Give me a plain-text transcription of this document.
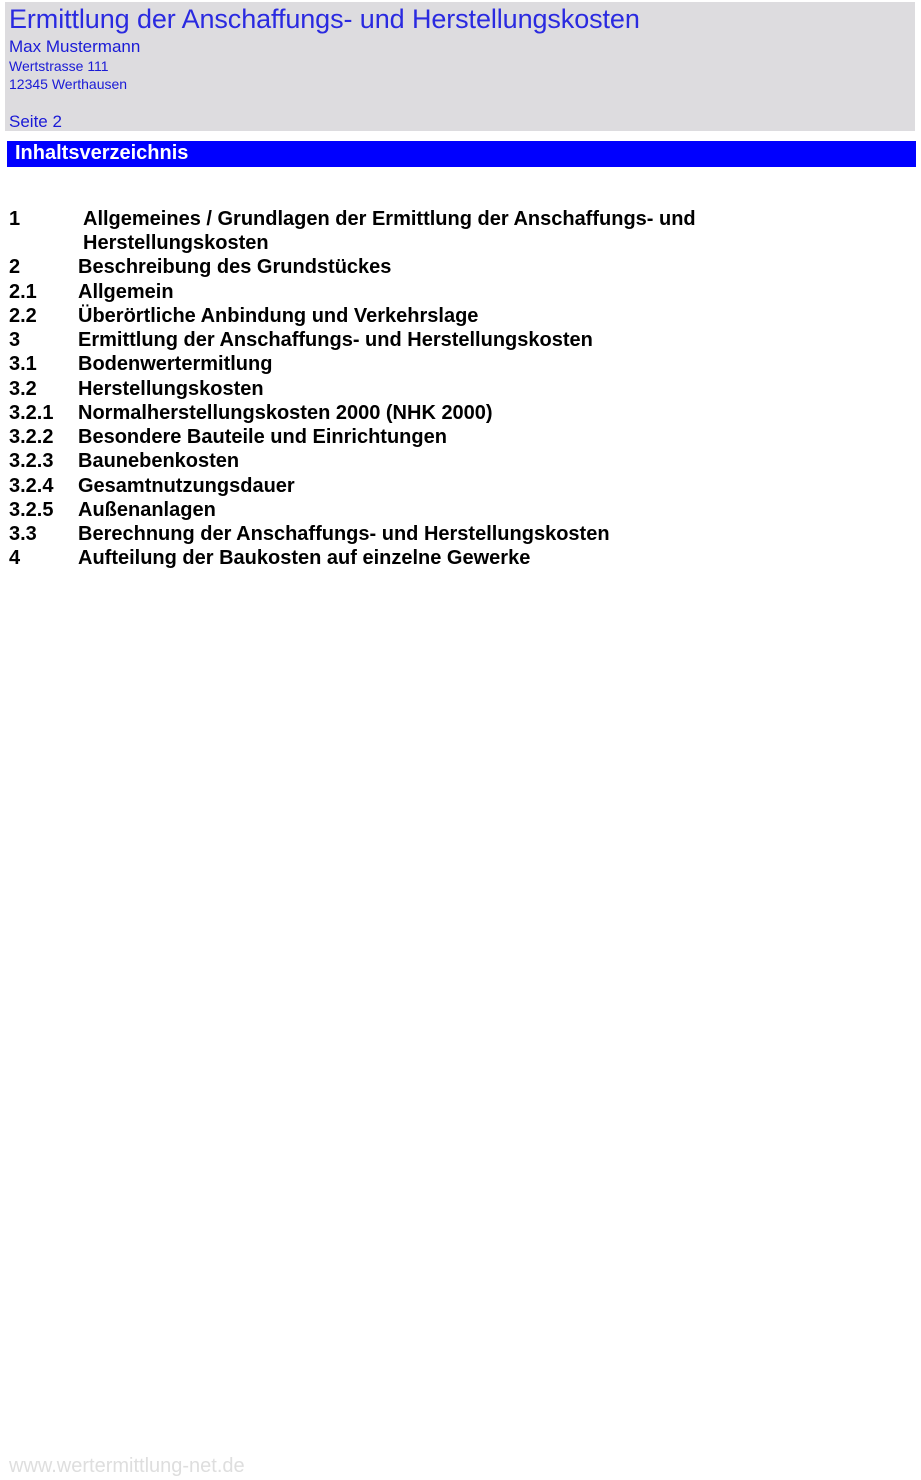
Ermittlung der Anschaffungs- und Herstellungskosten
Max Mustermann
Wertstrasse 111
12345 Werthausen
Seite 2
Inhaltsverzeichnis
1	Allgemeines / Grundlagen der Ermittlung der Anschaffungs- und
Herstellungskosten
2	Beschreibung des Grundstückes
2.1 Allgemein
2.2 Überörtliche Anbindung und Verkehrslage
3	Ermittlung der Anschaffungs- und Herstellungskosten
3.1 Bodenwertermitlung
3.2 Herstellungskosten
3.2.1 Normalherstellungskosten 2000 (NHK 2000)
3.2.2 Besondere Bauteile und Einrichtungen
3.2.3 Baunebenkosten
3.2.4 Gesamtnutzungsdauer
3.2.5 Außenanlagen
3.3 Berechnung der Anschaffungs- und Herstellungskosten
4	Aufteilung der Baukosten auf einzelne Gewerke
www.wertermittlung-net.de
